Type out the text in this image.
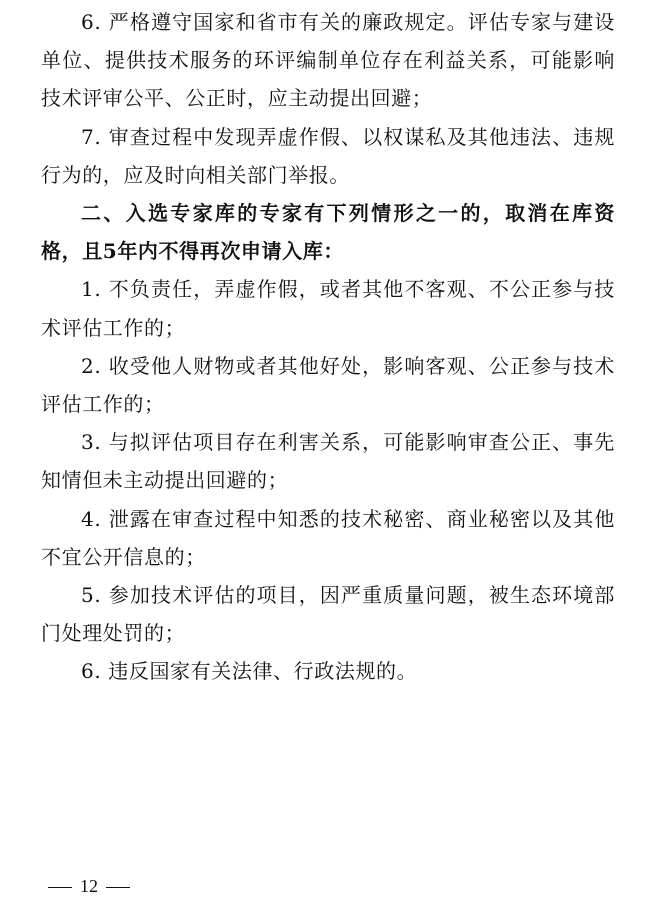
6. 严格遵守国家和省市有关的廉政规定。评估专家与建设单位、提供技术服务的环评编制单位存在利益关系，可能影响技术评审公平、公正时，应主动提出回避；

7. 审查过程中发现弄虚作假、以权谋私及其他违法、违规行为的，应及时向相关部门举报。

二、入选专家库的专家有下列情形之一的，取消在库资格，且5年内不得再次申请入库：

1. 不负责任，弄虚作假，或者其他不客观、不公正参与技术评估工作的；

2. 收受他人财物或者其他好处，影响客观、公正参与技术评估工作的；

3. 与拟评估项目存在利害关系，可能影响审查公正、事先知情但未主动提出回避的；

4. 泄露在审查过程中知悉的技术秘密、商业秘密以及其他不宜公开信息的；

5. 参加技术评估的项目，因严重质量问题，被生态环境部门处理处罚的；

6. 违反国家有关法律、行政法规的。

12
